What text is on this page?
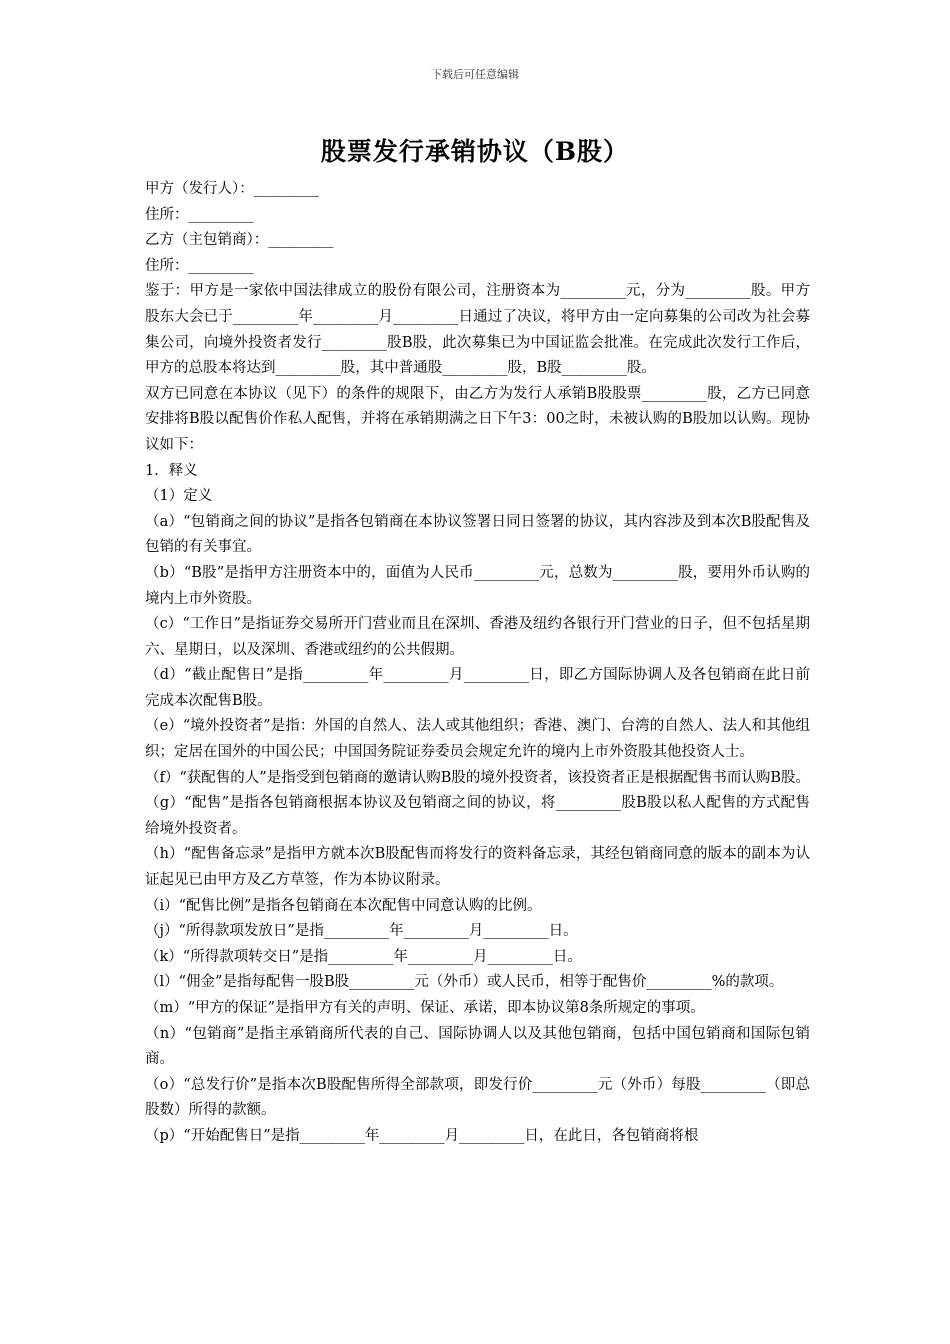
下载后可任意编辑
股票发行承销协议（B股）

甲方（发行人）：_________

住所：_________

乙方（主包销商）：_________

住所：_________

鉴于：甲方是一家依中国法律成立的股份有限公司，注册资本为_________元，分为_________股。甲方股东大会已于_________年_________月_________日通过了决议，将甲方由一定向募集的公司改为社会募集公司，向境外投资者发行_________股B股，此次募集已为中国证监会批准。在完成此次发行工作后，甲方的总股本将达到_________股，其中普通股_________股，B股_________股。

双方已同意在本协议（见下）的条件的规限下，由乙方为发行人承销B股股票_________股，乙方已同意安排将B股以配售价作私人配售，并将在承销期满之日下午3：00之时，未被认购的B股加以认购。现协议如下：

1．释义

（1）定义

（a）“包销商之间的协议”是指各包销商在本协议签署日同日签署的协议，其内容涉及到本次B股配售及包销的有关事宜。

（b）“B股”是指甲方注册资本中的，面值为人民币_________元，总数为_________股，要用外币认购的境内上市外资股。

（c）“工作日”是指证券交易所开门营业而且在深圳、香港及纽约各银行开门营业的日子，但不包括星期六、星期日，以及深圳、香港或纽约的公共假期。

（d）“截止配售日”是指_________年_________月_________日，即乙方国际协调人及各包销商在此日前完成本次配售B股。

（e）“境外投资者”是指：外国的自然人、法人或其他组织；香港、澳门、台湾的自然人、法人和其他组织；定居在国外的中国公民；中国国务院证券委员会规定允许的境内上市外资股其他投资人士。

（f）“获配售的人”是指受到包销商的邀请认购B股的境外投资者，该投资者正是根据配售书而认购B股。

（g）“配售”是指各包销商根据本协议及包销商之间的协议，将_________股B股以私人配售的方式配售给境外投资者。

（h）“配售备忘录”是指甲方就本次B股配售而将发行的资料备忘录，其经包销商同意的版本的副本为认证起见已由甲方及乙方草签，作为本协议附录。

（i）“配售比例”是指各包销商在本次配售中同意认购的比例。

（j）“所得款项发放日”是指_________年_________月_________日。

（k）“所得款项转交日”是指_________年_________月_________日。

（l）“佣金”是指每配售一股B股_________元（外币）或人民币，相等于配售价_________%的款项。

（m）“甲方的保证”是指甲方有关的声明、保证、承诺，即本协议第8条所规定的事项。

（n）“包销商”是指主承销商所代表的自己、国际协调人以及其他包销商，包括中国包销商和国际包销商。

（o）“总发行价”是指本次B股配售所得全部款项，即发行价_________元（外币）每股_________（即总股数）所得的款额。

（p）“开始配售日”是指_________年_________月_________日，在此日，各包销商将根
